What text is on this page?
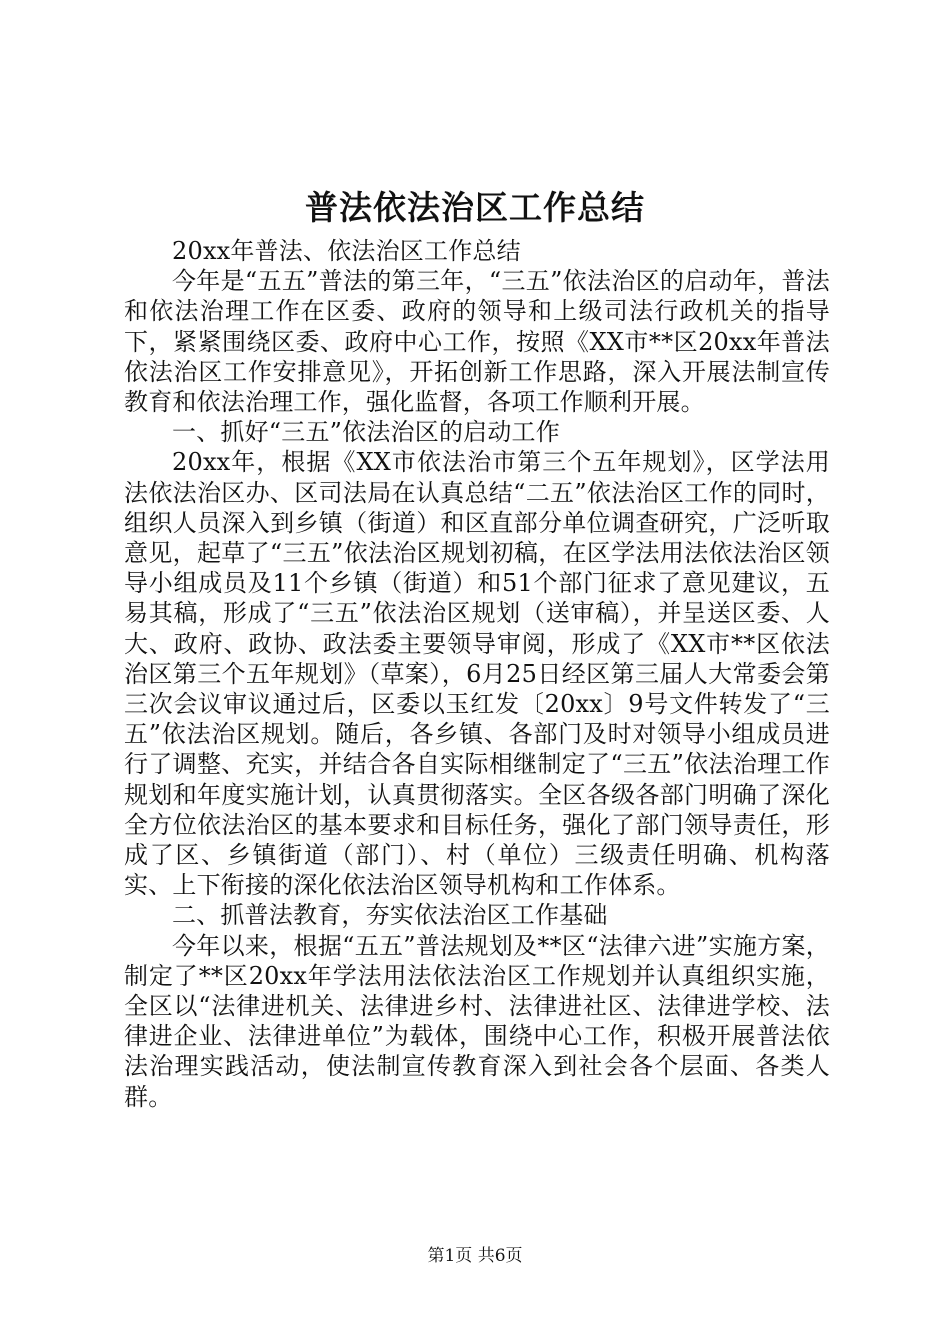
普法依法治区工作总结

20xx年普法、依法治区工作总结

今年是“五五”普法的第三年，“三五”依法治区的启动年，普法和依法治理工作在区委、政府的领导和上级司法行政机关的指导下，紧紧围绕区委、政府中心工作，按照《XX市**区20xx年普法依法治区工作安排意见》，开拓创新工作思路，深入开展法制宣传教育和依法治理工作，强化监督，各项工作顺利开展。

一、抓好“三五”依法治区的启动工作

20xx年，根据《XX市依法治市第三个五年规划》，区学法用法依法治区办、区司法局在认真总结“二五”依法治区工作的同时，组织人员深入到乡镇（街道）和区直部分单位调查研究，广泛听取意见，起草了“三五”依法治区规划初稿，在区学法用法依法治区领导小组成员及11个乡镇（街道）和51个部门征求了意见建议，五易其稿，形成了“三五”依法治区规划（送审稿），并呈送区委、人大、政府、政协、政法委主要领导审阅，形成了《XX市**区依法治区第三个五年规划》（草案），6月25日经区第三届人大常委会第三次会议审议通过后，区委以玉红发〔20xx〕9号文件转发了“三五”依法治区规划。随后，各乡镇、各部门及时对领导小组成员进行了调整、充实，并结合各自实际相继制定了“三五”依法治理工作规划和年度实施计划，认真贯彻落实。全区各级各部门明确了深化全方位依法治区的基本要求和目标任务，强化了部门领导责任，形成了区、乡镇街道（部门）、村（单位）三级责任明确、机构落实、上下衔接的深化依法治区领导机构和工作体系。

二、抓普法教育，夯实依法治区工作基础

今年以来，根据“五五”普法规划及**区“法律六进”实施方案，制定了**区20xx年学法用法依法治区工作规划并认真组织实施，全区以“法律进机关、法律进乡村、法律进社区、法律进学校、法律进企业、法律进单位”为载体，围绕中心工作，积极开展普法依法治理实践活动，使法制宣传教育深入到社会各个层面、各类人群。

第1页 共6页
